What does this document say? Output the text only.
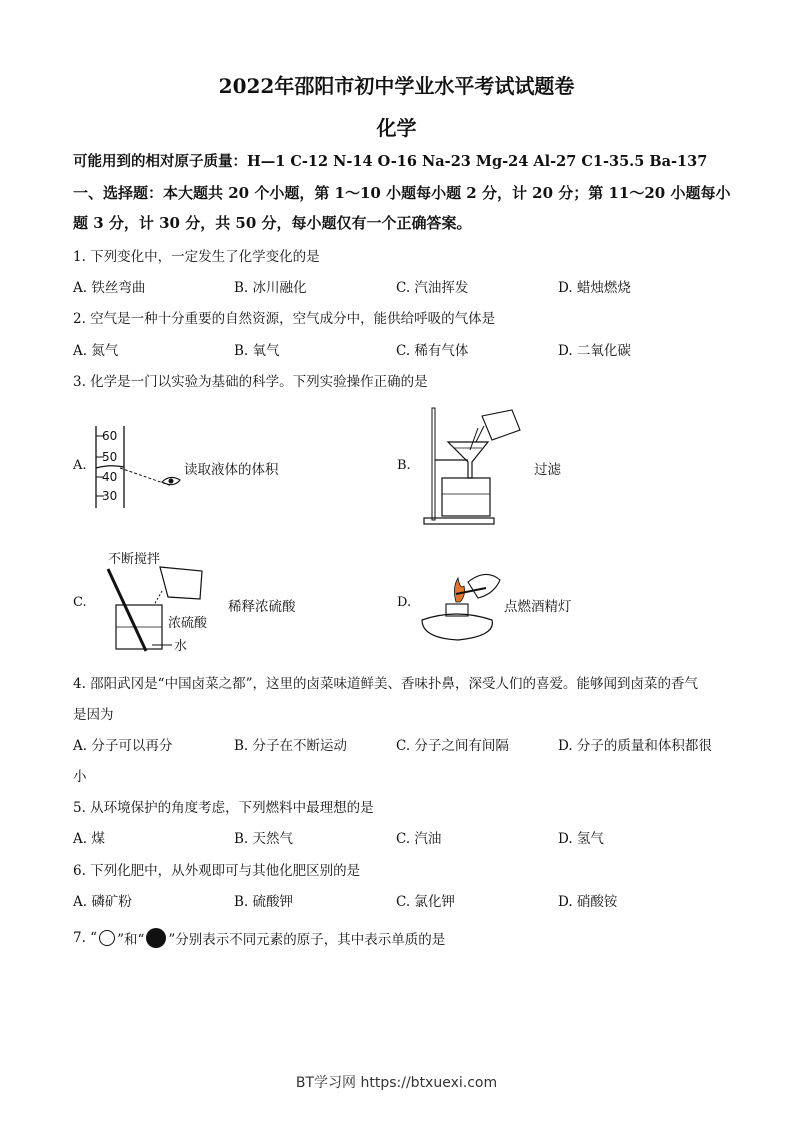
2022年邵阳市初中学业水平考试试题卷
化学
可能用到的相对原子质量：H—1 C-12 N-14 O-16 Na-23 Mg-24 Al-27 C1-35.5 Ba-137
一、选择题：本大题共 20 个小题，第 1～10 小题每小题 2 分，计 20 分；第 11～20 小题每小
题 3 分，计 30 分，共 50 分，每小题仅有一个正确答案。
1. 下列变化中，一定发生了化学变化的是
A. 铁丝弯曲	B. 冰川融化	C. 汽油挥发	D. 蜡烛燃烧
2. 空气是一种十分重要的自然资源，空气成分中，能供给呼吸的气体是
A. 氮气	B. 氧气	C. 稀有气体	D. 二氧化碳
3. 化学是一门以实验为基础的科学。下列实验操作正确的是
A.
60
50
40
30
读取液体的体积	B.	过滤
C.
不断搅拌
浓硫酸
水
稀释浓硫酸	D.	点燃酒精灯
4. 邵阳武冈是“中国卤菜之都”，这里的卤菜味道鲜美、香味扑鼻，深受人们的喜爱。能够闻到卤菜的香气
是因为
A. 分子可以再分	B. 分子在不断运动	C. 分子之间有间隔	D. 分子的质量和体积都很
小
5. 从环境保护的角度考虑，下列燃料中最理想的是
A. 煤	B. 天然气	C. 汽油	D. 氢气
6. 下列化肥中，从外观即可与其他化肥区别的是
A. 磷矿粉	B. 硫酸钾	C. 氯化钾	D. 硝酸铵
7. “ ”和“ ”分别表示不同元素的原子，其中表示单质的是
BT学习网 https://btxuexi.com
